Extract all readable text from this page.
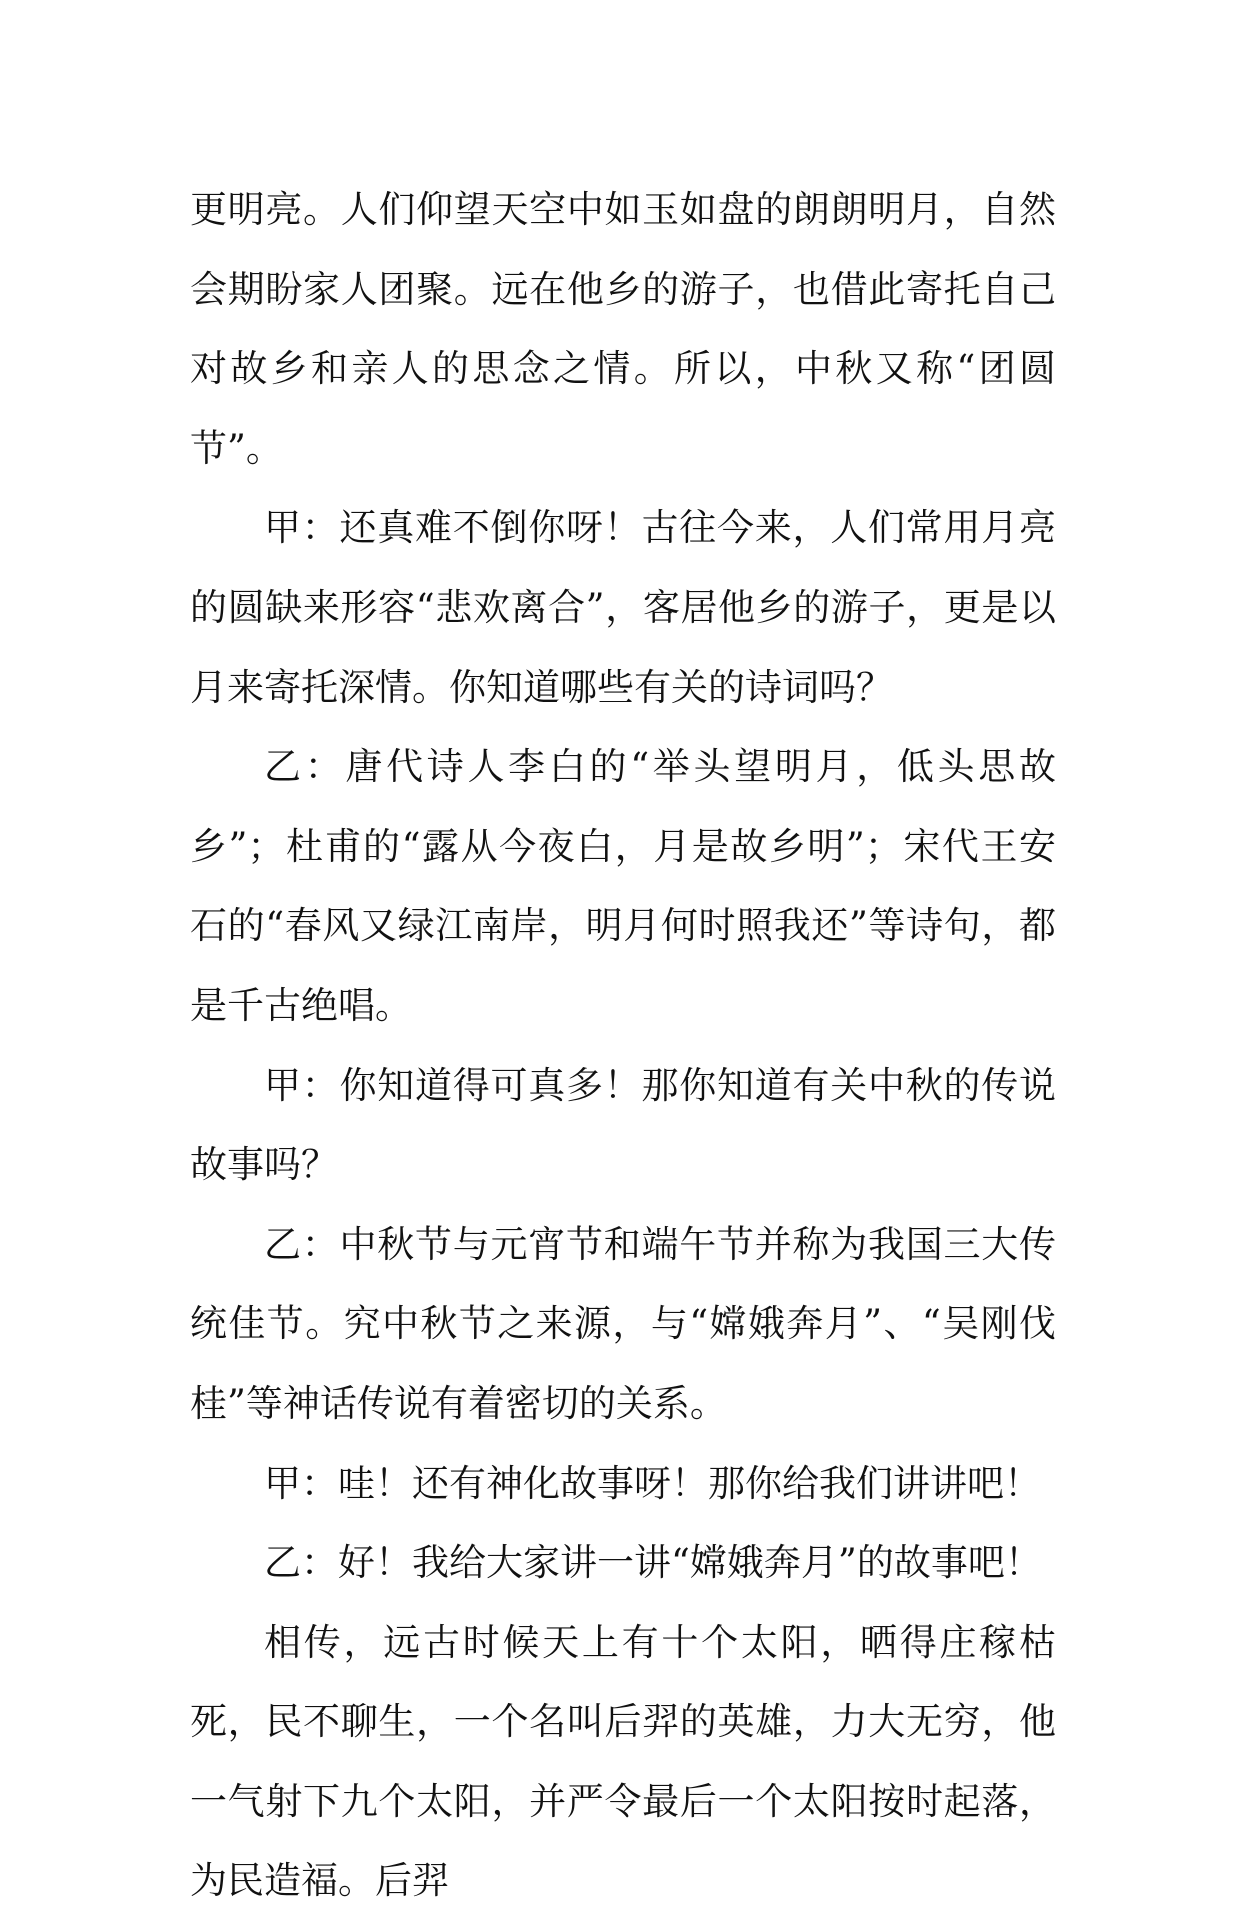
更明亮。人们仰望天空中如玉如盘的朗朗明月，自然会期盼家人团聚。远在他乡的游子，也借此寄托自己对故乡和亲人的思念之情。所以，中秋又称“团圆节”。

甲：还真难不倒你呀！古往今来，人们常用月亮的圆缺来形容“悲欢离合”，客居他乡的游子，更是以月来寄托深情。你知道哪些有关的诗词吗？

乙：唐代诗人李白的“举头望明月，低头思故乡”；杜甫的“露从今夜白，月是故乡明”；宋代王安石的“春风又绿江南岸，明月何时照我还”等诗句，都是千古绝唱。

甲：你知道得可真多！那你知道有关中秋的传说故事吗？

乙：中秋节与元宵节和端午节并称为我国三大传统佳节。究中秋节之来源，与“嫦娥奔月”、“吴刚伐桂”等神话传说有着密切的关系。

甲：哇！还有神化故事呀！那你给我们讲讲吧！

乙：好！我给大家讲一讲“嫦娥奔月”的故事吧！

相传，远古时候天上有十个太阳，晒得庄稼枯死，民不聊生，一个名叫后羿的英雄，力大无穷，他一气射下九个太阳，并严令最后一个太阳按时起落，为民造福。后羿
